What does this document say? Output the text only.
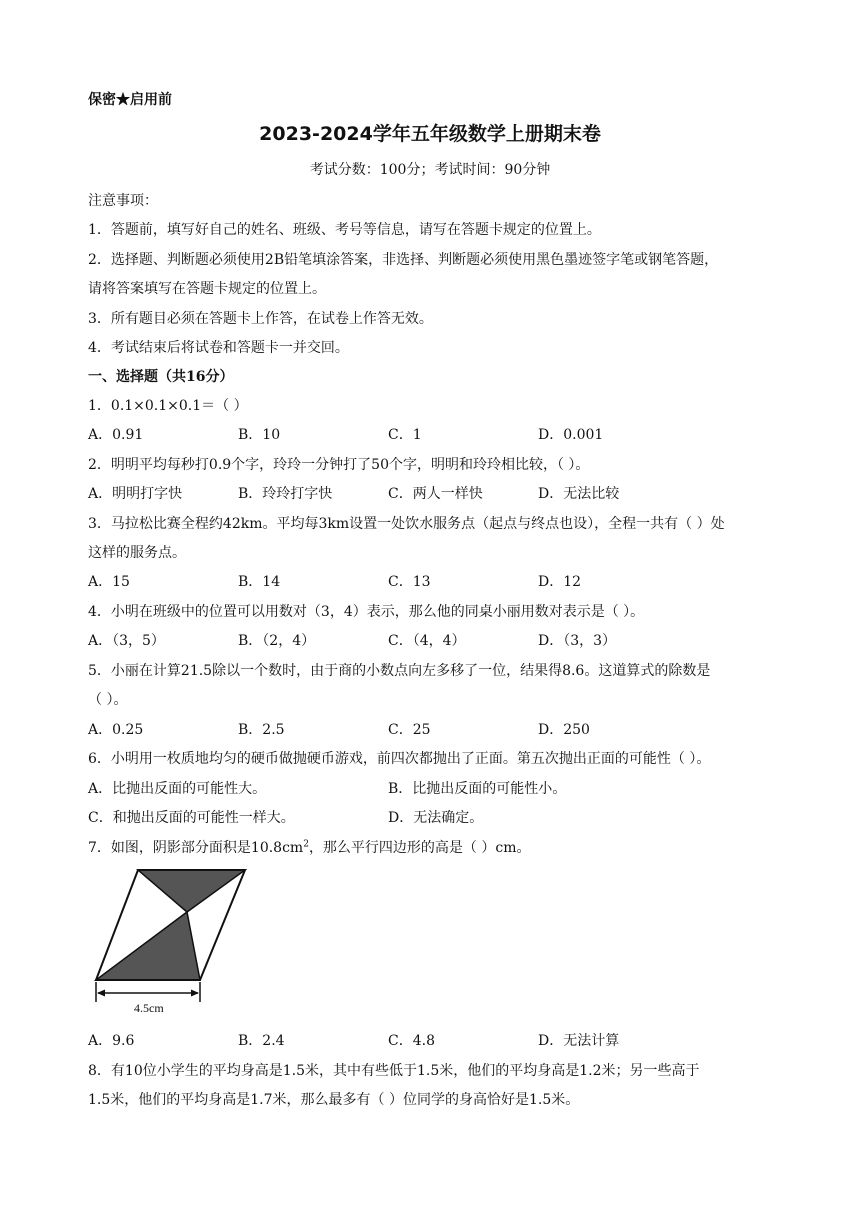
保密★启用前
2023-2024学年五年级数学上册期末卷
考试分数：100分；考试时间：90分钟
注意事项：
1．答题前，填写好自己的姓名、班级、考号等信息，请写在答题卡规定的位置上。
2．选择题、判断题必须使用2B铅笔填涂答案，非选择、判断题必须使用黑色墨迹签字笔或钢笔答题，
请将答案填写在答题卡规定的位置上。
3．所有题目必须在答题卡上作答，在试卷上作答无效。
4．考试结束后将试卷和答题卡一并交回。
一、选择题（共16分）
1．0.1×0.1×0.1＝（ ）
A．0.91	B．10	C．1	D．0.001
2．明明平均每秒打0.9个字，玲玲一分钟打了50个字，明明和玲玲相比较，（ ）。
A．明明打字快	B．玲玲打字快	C．两人一样快	D．无法比较
3．马拉松比赛全程约42km。平均每3km设置一处饮水服务点（起点与终点也设），全程一共有（ ）处
这样的服务点。
A．15	B．14	C．13	D．12
4．小明在班级中的位置可以用数对（3，4）表示，那么他的同桌小丽用数对表示是（ ）。
A．（3，5）	B．（2，4）	C．（4，4）	D．（3，3）
5．小丽在计算21.5除以一个数时，由于商的小数点向左多移了一位，结果得8.6。这道算式的除数是
（ ）。
A．0.25	B．2.5	C．25	D．250
6．小明用一枚质地均匀的硬币做抛硬币游戏，前四次都抛出了正面。第五次抛出正面的可能性（ ）。
A．比抛出反面的可能性大。	B．比抛出反面的可能性小。
C．和抛出反面的可能性一样大。	D．无法确定。
7．如图，阴影部分面积是$10.8cm^2$，那么平行四边形的高是（ ）cm。
4.5cm
A．9.6	B．2.4	C．4.8	D．无法计算
8．有10位小学生的平均身高是1.5米，其中有些低于1.5米，他们的平均身高是1.2米；另一些高于
1.5米，他们的平均身高是1.7米，那么最多有（ ）位同学的身高恰好是1.5米。
